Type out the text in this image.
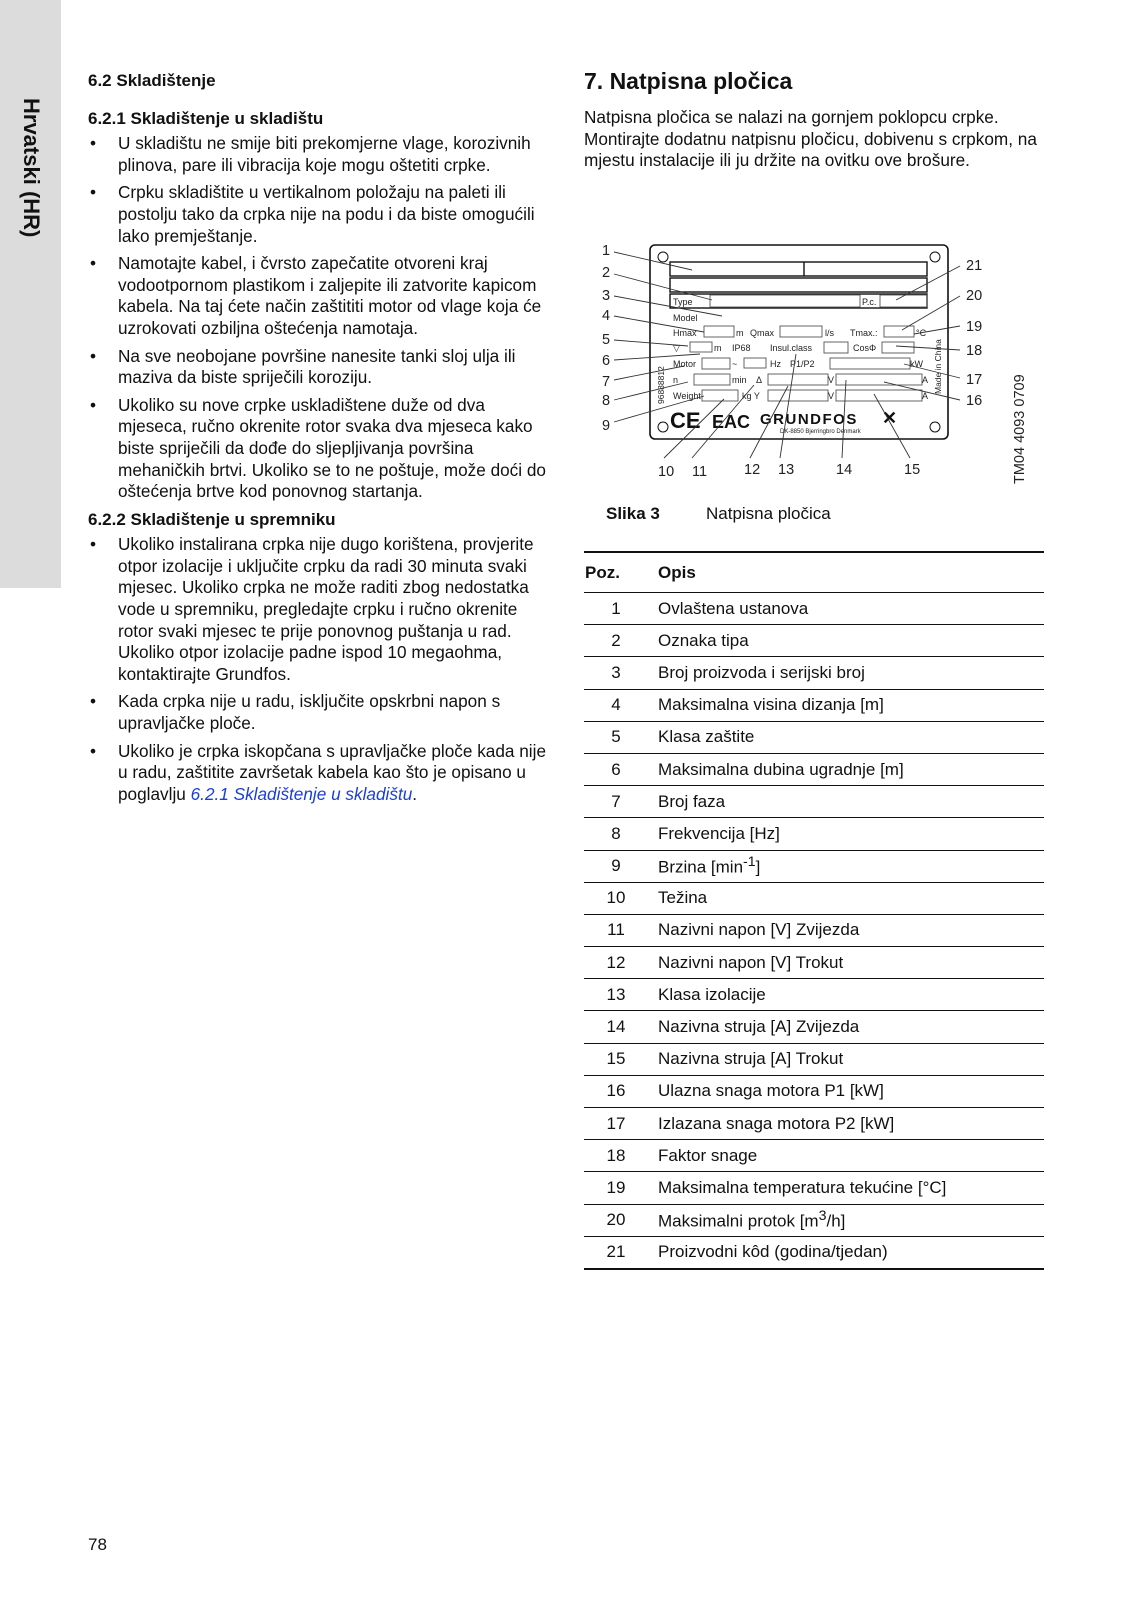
Hrvatski (HR)

6.2 Skladištenje

6.2.1 Skladištenje u skladištu

• U skladištu ne smije biti prekomjerne vlage, korozivnih plinova, pare ili vibracija koje mogu oštetiti crpke.
• Crpku skladištite u vertikalnom položaju na paleti ili postolju tako da crpka nije na podu i da biste omogućili lako premještanje.
• Namotajte kabel, i čvrsto zapečatite otvoreni kraj vodootpornom plastikom i zaljepite ili zatvorite kapicom kabela. Na taj ćete način zaštititi motor od vlage koja će uzrokovati ozbiljna oštećenja namotaja.
• Na sve neobojane površine nanesite tanki sloj ulja ili maziva da biste spriječili koroziju.
• Ukoliko su nove crpke uskladištene duže od dva mjeseca, ručno okrenite rotor svaka dva mjeseca kako biste spriječili da dođe do sljepljivanja površina mehaničkih brtvi. Ukoliko se to ne poštuje, može doći do oštećenja brtve kod ponovnog startanja.

6.2.2 Skladištenje u spremniku

• Ukoliko instalirana crpka nije dugo korištena, provjerite otpor izolacije i uključite crpku da radi 30 minuta svaki mjesec. Ukoliko crpka ne može raditi zbog nedostatka vode u spremniku, pregledajte crpku i ručno okrenite rotor svaki mjesec te prije ponovnog puštanja u rad. Ukoliko otpor izolacije padne ispod 10 megaohma, kontaktirajte Grundfos.
• Kada crpka nije u radu, isključite opskrbni napon s upravljačke ploče.
• Ukoliko je crpka iskopčana s upravljačke ploče kada nije u radu, zaštitite završetak kabela kao što je opisano u poglavlju 6.2.1 Skladištenje u skladištu.

7. Natpisna pločica

Natpisna pločica se nalazi na gornjem poklopcu crpke. Montirajte dodatnu natpisnu pločicu, dobivenu s crpkom, na mjestu instalacije ili ju držite na ovitku ove brošure.

Type	P.c.
Model
Hmax	m Qmax	l/s Tmax.:	°C
▽	m IP68 Insul.class	CosΦ
Motor	~	Hz P1/P2	kW
n	min Δ	V	A
Weight	kg Y	V	A
96888812	Made in China
CE EAC GRUNDFOS ✕
DK-8850 Bjerringbro Denmark
1
2
3
4
5
6
7
8
9
10 11	12 13	14	15
21
20
19
18
17
16 TM04 4093 0709
Slika 3	Natpisna pločica
Poz.	Opis
1	Ovlaštena ustanova
2	Oznaka tipa
3	Broj proizvoda i serijski broj
4	Maksimalna visina dizanja [m]
5	Klasa zaštite
6	Maksimalna dubina ugradnje [m]
7	Broj faza
8	Frekvencija [Hz]
9	Brzina $[\min^{-1}]$
10	Težina
11	Nazivni napon [V] Zvijezda
12	Nazivni napon [V] Trokut
13	Klasa izolacije
14	Nazivna struja [A] Zvijezda
15	Nazivna struja [A] Trokut
16	Ulazna snaga motora P1 [kW]
17	Izlazana snaga motora P2 [kW]
18	Faktor snage
19	Maksimalna temperatura tekućine [°C]
20	Maksimalni protok $[m^3/h]$
21	Proizvodni kôd (godina/tjedan)
78
